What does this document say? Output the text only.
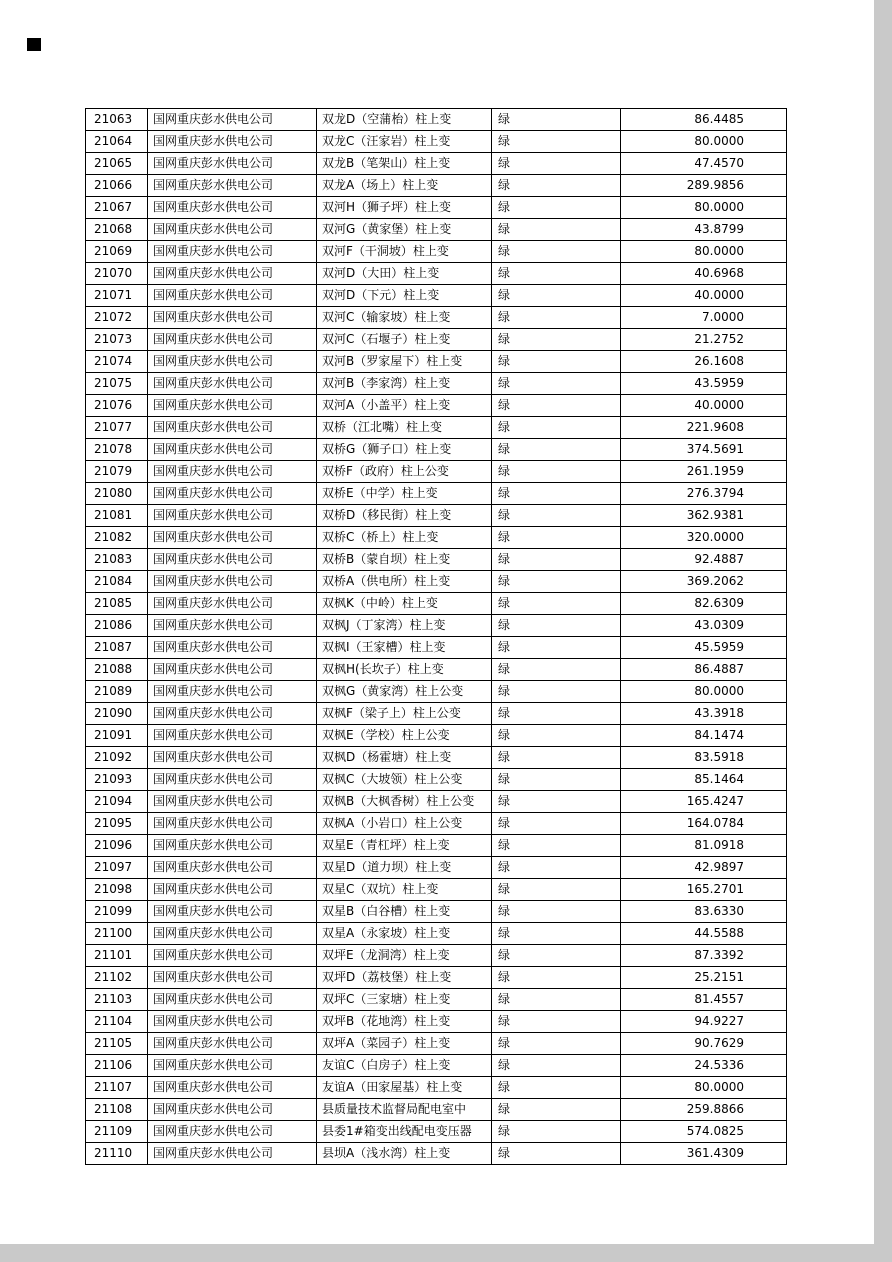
21063	国网重庆彭水供电公司	双龙D（空蒲枱）柱上变	绿	86.4485
21064	国网重庆彭水供电公司	双龙C（汪家岩）柱上变	绿	80.0000
21065	国网重庆彭水供电公司	双龙B（笔架山）柱上变	绿	47.4570
21066	国网重庆彭水供电公司	双龙A（场上）柱上变	绿	289.9856
21067	国网重庆彭水供电公司	双河H（狮子坪）柱上变	绿	80.0000
21068	国网重庆彭水供电公司	双河G（黄家堡）柱上变	绿	43.8799
21069	国网重庆彭水供电公司	双河F（干洞坡）柱上变	绿	80.0000
21070	国网重庆彭水供电公司	双河D（大田）柱上变	绿	40.6968
21071	国网重庆彭水供电公司	双河D（下元）柱上变	绿	40.0000
21072	国网重庆彭水供电公司	双河C（输家坡）柱上变	绿	7.0000
21073	国网重庆彭水供电公司	双河C（石堰子）柱上变	绿	21.2752
21074	国网重庆彭水供电公司	双河B（罗家屋下）柱上变	绿	26.1608
21075	国网重庆彭水供电公司	双河B（李家湾）柱上变	绿	43.5959
21076	国网重庆彭水供电公司	双河A（小盖平）柱上变	绿	40.0000
21077	国网重庆彭水供电公司	双桥（江北嘴）柱上变	绿	221.9608
21078	国网重庆彭水供电公司	双桥G（狮子口）柱上变	绿	374.5691
21079	国网重庆彭水供电公司	双桥F（政府）柱上公变	绿	261.1959
21080	国网重庆彭水供电公司	双桥E（中学）柱上变	绿	276.3794
21081	国网重庆彭水供电公司	双桥D（移民街）柱上变	绿	362.9381
21082	国网重庆彭水供电公司	双桥C（桥上）柱上变	绿	320.0000
21083	国网重庆彭水供电公司	双桥B（蒙自坝）柱上变	绿	92.4887
21084	国网重庆彭水供电公司	双桥A（供电所）柱上变	绿	369.2062
21085	国网重庆彭水供电公司	双枫K（中岭）柱上变	绿	82.6309
21086	国网重庆彭水供电公司	双枫J（丁家湾）柱上变	绿	43.0309
21087	国网重庆彭水供电公司	双枫I（王家槽）柱上变	绿	45.5959
21088	国网重庆彭水供电公司	双枫H(长坎子）柱上变	绿	86.4887
21089	国网重庆彭水供电公司	双枫G（黄家湾）柱上公变	绿	80.0000
21090	国网重庆彭水供电公司	双枫F（梁子上）柱上公变	绿	43.3918
21091	国网重庆彭水供电公司	双枫E（学校）柱上公变	绿	84.1474
21092	国网重庆彭水供电公司	双枫D（杨霍塘）柱上变	绿	83.5918
21093	国网重庆彭水供电公司	双枫C（大坡领）柱上公变	绿	85.1464
21094	国网重庆彭水供电公司	双枫B（大枫香树）柱上公变	绿	165.4247
21095	国网重庆彭水供电公司	双枫A（小岩口）柱上公变	绿	164.0784
21096	国网重庆彭水供电公司	双星E（青杠坪）柱上变	绿	81.0918
21097	国网重庆彭水供电公司	双星D（道力坝）柱上变	绿	42.9897
21098	国网重庆彭水供电公司	双星C（双坑）柱上变	绿	165.2701
21099	国网重庆彭水供电公司	双星B（白谷槽）柱上变	绿	83.6330
21100	国网重庆彭水供电公司	双星A（永家坡）柱上变	绿	44.5588
21101	国网重庆彭水供电公司	双坪E（龙洞湾）柱上变	绿	87.3392
21102	国网重庆彭水供电公司	双坪D（荔枝堡）柱上变	绿	25.2151
21103	国网重庆彭水供电公司	双坪C（三家塘）柱上变	绿	81.4557
21104	国网重庆彭水供电公司	双坪B（花地湾）柱上变	绿	94.9227
21105	国网重庆彭水供电公司	双坪A（菜园子）柱上变	绿	90.7629
21106	国网重庆彭水供电公司	友谊C（白房子）柱上变	绿	24.5336
21107	国网重庆彭水供电公司	友谊A（田家屋基）柱上变	绿	80.0000
21108	国网重庆彭水供电公司	县质量技术监督局配电室中	绿	259.8866
21109	国网重庆彭水供电公司	县委1#箱变出线配电变压器	绿	574.0825
21110	国网重庆彭水供电公司	县坝A（浅水湾）柱上变	绿	361.4309
